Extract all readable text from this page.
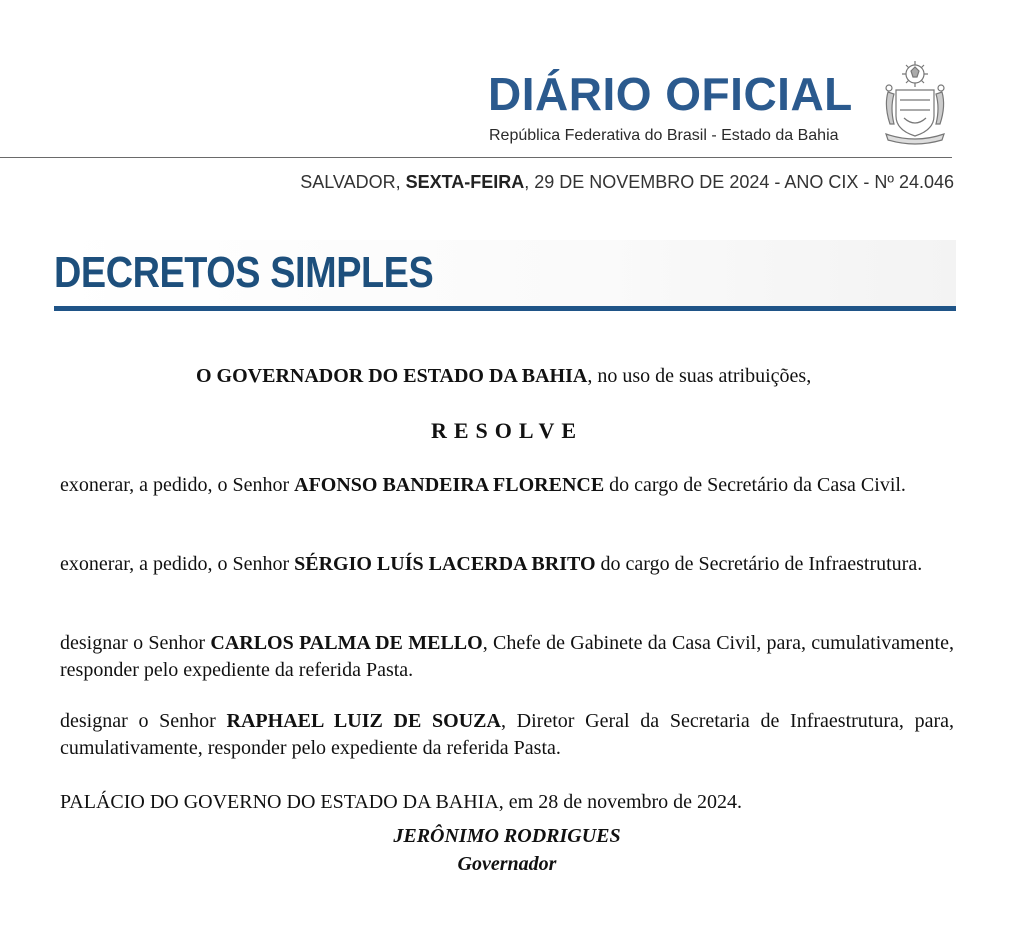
DIÁRIO OFICIAL
República Federativa do Brasil - Estado da Bahia
SALVADOR, SEXTA-FEIRA, 29 DE NOVEMBRO DE 2024 - ANO CIX - Nº 24.046
DECRETOS SIMPLES
O GOVERNADOR DO ESTADO DA BAHIA, no uso de suas atribuições,
RESOLVE

exonerar, a pedido, o Senhor AFONSO BANDEIRA FLORENCE do cargo de Secretário da Casa Civil.

exonerar, a pedido, o Senhor SÉRGIO LUÍS LACERDA BRITO do cargo de Secretário de Infraestrutura.

designar o Senhor CARLOS PALMA DE MELLO, Chefe de Gabinete da Casa Civil, para, cumulativamente, responder pelo expediente da referida Pasta.

designar o Senhor RAPHAEL LUIZ DE SOUZA, Diretor Geral da Secretaria de Infraestrutura, para, cumulativamente, responder pelo expediente da referida Pasta.

PALÁCIO DO GOVERNO DO ESTADO DA BAHIA, em 28 de novembro de 2024.
JERÔNIMO RODRIGUES
Governador
